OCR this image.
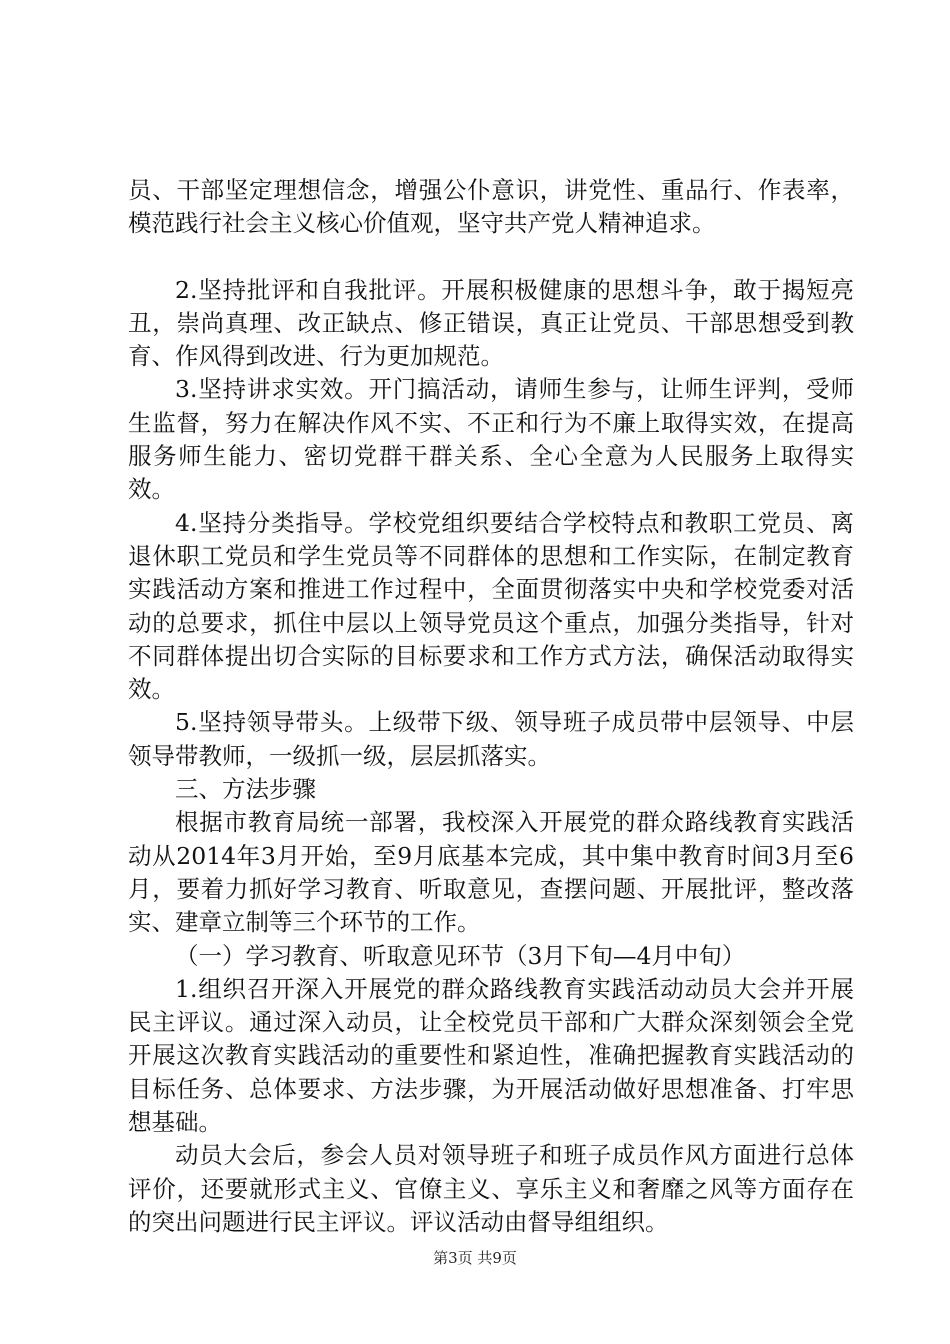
员、干部坚定理想信念，增强公仆意识，讲党性、重品行、作表率，模范践行社会主义核心价值观，坚守共产党人精神追求。

2.坚持批评和自我批评。开展积极健康的思想斗争，敢于揭短亮丑，崇尚真理、改正缺点、修正错误，真正让党员、干部思想受到教育、作风得到改进、行为更加规范。

3.坚持讲求实效。开门搞活动，请师生参与，让师生评判，受师生监督，努力在解决作风不实、不正和行为不廉上取得实效，在提高服务师生能力、密切党群干群关系、全心全意为人民服务上取得实效。

4.坚持分类指导。学校党组织要结合学校特点和教职工党员、离退休职工党员和学生党员等不同群体的思想和工作实际，在制定教育实践活动方案和推进工作过程中，全面贯彻落实中央和学校党委对活动的总要求，抓住中层以上领导党员这个重点，加强分类指导，针对不同群体提出切合实际的目标要求和工作方式方法，确保活动取得实效。

5.坚持领导带头。上级带下级、领导班子成员带中层领导、中层领导带教师，一级抓一级，层层抓落实。

三、方法步骤

根据市教育局统一部署，我校深入开展党的群众路线教育实践活动从2014年3月开始，至9月底基本完成，其中集中教育时间3月至6月，要着力抓好学习教育、听取意见，查摆问题、开展批评，整改落实、建章立制等三个环节的工作。

（一）学习教育、听取意见环节（3月下旬—4月中旬）

1.组织召开深入开展党的群众路线教育实践活动动员大会并开展民主评议。通过深入动员，让全校党员干部和广大群众深刻领会全党开展这次教育实践活动的重要性和紧迫性，准确把握教育实践活动的目标任务、总体要求、方法步骤，为开展活动做好思想准备、打牢思想基础。

动员大会后，参会人员对领导班子和班子成员作风方面进行总体评价，还要就形式主义、官僚主义、享乐主义和奢靡之风等方面存在的突出问题进行民主评议。评议活动由督导组组织。

第3页 共9页
